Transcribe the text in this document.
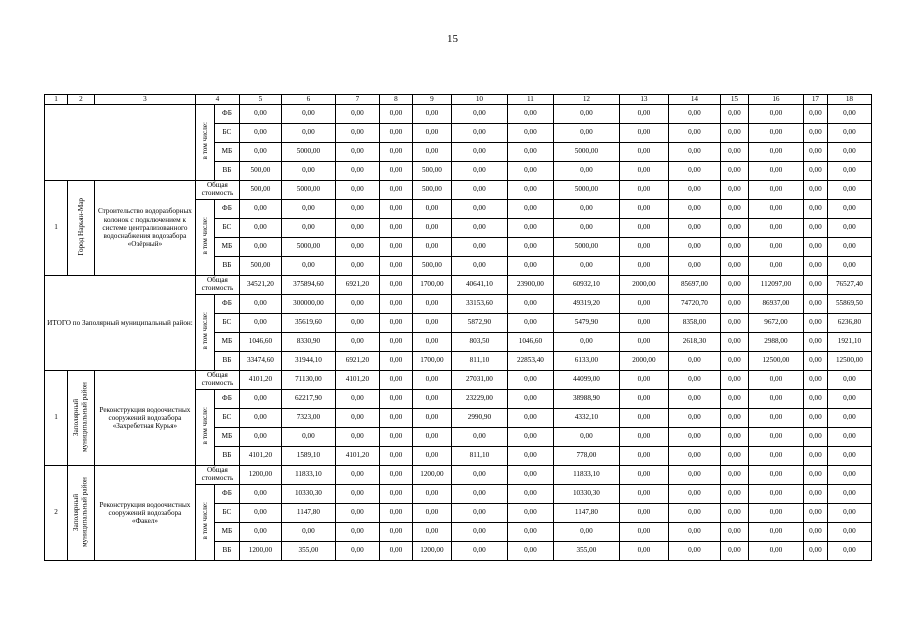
15
1	2	3	4		5	6	7	8	9	10	11	12	13	14	15	16	17	18
			в том числе:	ФБ	0,00	0,00	0,00	0,00	0,00	0,00	0,00	0,00	0,00	0,00	0,00	0,00	0,00	0,00
				БС	0,00	0,00	0,00	0,00	0,00	0,00	0,00	0,00	0,00	0,00	0,00	0,00	0,00	0,00
				МБ	0,00	5000,00	0,00	0,00	0,00	0,00	0,00	5000,00	0,00	0,00	0,00	0,00	0,00	0,00
				ВБ	500,00	0,00	0,00	0,00	500,00	0,00	0,00	0,00	0,00	0,00	0,00	0,00	0,00	0,00
1	Город Нарьян-Мар	Строительство водоразборных колонок с подключением к системе централизованного водоснабжения водозабора «Озёрный»	Общая стоимость		500,00	5000,00	0,00	0,00	500,00	0,00	0,00	5000,00	0,00	0,00	0,00	0,00	0,00	0,00
			в том числе:	ФБ	0,00	0,00	0,00	0,00	0,00	0,00	0,00	0,00	0,00	0,00	0,00	0,00	0,00	0,00
				БС	0,00	0,00	0,00	0,00	0,00	0,00	0,00	0,00	0,00	0,00	0,00	0,00	0,00	0,00
				МБ	0,00	5000,00	0,00	0,00	0,00	0,00	0,00	5000,00	0,00	0,00	0,00	0,00	0,00	0,00
				ВБ	500,00	0,00	0,00	0,00	500,00	0,00	0,00	0,00	0,00	0,00	0,00	0,00	0,00	0,00
ИТОГО по Заполярный муниципальный район:			Общая стоимость		34521,20	375894,60	6921,20	0,00	1700,00	40641,10	23900,00	60932,10	2000,00	85697,00	0,00	112097,00	0,00	76527,40
			в том числе:	ФБ	0,00	300000,00	0,00	0,00	0,00	33153,60	0,00	49319,20	0,00	74720,70	0,00	86937,00	0,00	55869,50
				БС	0,00	35619,60	0,00	0,00	0,00	5872,90	0,00	5479,90	0,00	8358,00	0,00	9672,00	0,00	6236,80
				МБ	1046,60	8330,90	0,00	0,00	0,00	803,50	1046,60	0,00	0,00	2618,30	0,00	2988,00	0,00	1921,10
				ВБ	33474,60	31944,10	6921,20	0,00	1700,00	811,10	22853,40	6133,00	2000,00	0,00	0,00	12500,00	0,00	12500,00
1	Заполярный муниципальный район	Реконструкция водоочистных сооружений водозабора «Захребетная Курья»	Общая стоимость		4101,20	71130,00	4101,20	0,00	0,00	27031,00	0,00	44099,00	0,00	0,00	0,00	0,00	0,00	0,00
			в том числе:	ФБ	0,00	62217,90	0,00	0,00	0,00	23229,00	0,00	38988,90	0,00	0,00	0,00	0,00	0,00	0,00
				БС	0,00	7323,00	0,00	0,00	0,00	2990,90	0,00	4332,10	0,00	0,00	0,00	0,00	0,00	0,00
				МБ	0,00	0,00	0,00	0,00	0,00	0,00	0,00	0,00	0,00	0,00	0,00	0,00	0,00	0,00
				ВБ	4101,20	1589,10	4101,20	0,00	0,00	811,10	0,00	778,00	0,00	0,00	0,00	0,00	0,00	0,00
2	Заполярный муниципальный район	Реконструкция водоочистных сооружений водозабора «Факел»	Общая стоимость		1200,00	11833,10	0,00	0,00	1200,00	0,00	0,00	11833,10	0,00	0,00	0,00	0,00	0,00	0,00
			в том числе:	ФБ	0,00	10330,30	0,00	0,00	0,00	0,00	0,00	10330,30	0,00	0,00	0,00	0,00	0,00	0,00
				БС	0,00	1147,80	0,00	0,00	0,00	0,00	0,00	1147,80	0,00	0,00	0,00	0,00	0,00	0,00
				МБ	0,00	0,00	0,00	0,00	0,00	0,00	0,00	0,00	0,00	0,00	0,00	0,00	0,00	0,00
				ВБ	1200,00	355,00	0,00	0,00	1200,00	0,00	0,00	355,00	0,00	0,00	0,00	0,00	0,00	0,00
